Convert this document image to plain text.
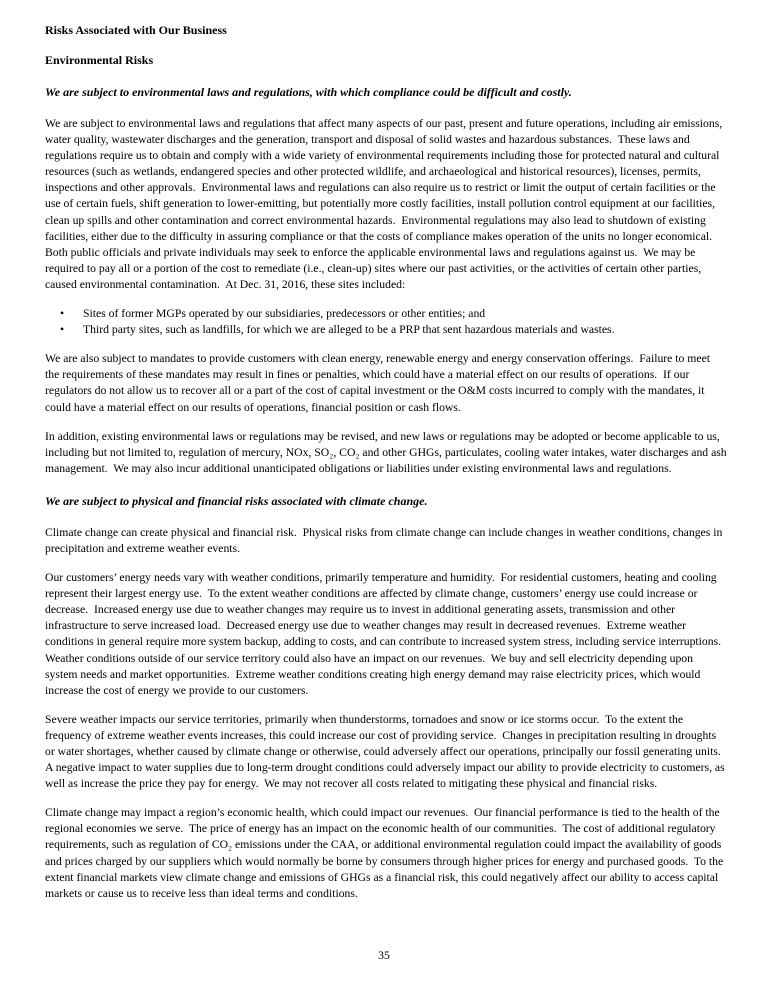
Risks Associated with Our Business
Environmental Risks
We are subject to environmental laws and regulations, with which compliance could be difficult and costly.
We are subject to environmental laws and regulations that affect many aspects of our past, present and future operations, including air emissions, water quality, wastewater discharges and the generation, transport and disposal of solid wastes and hazardous substances.  These laws and regulations require us to obtain and comply with a wide variety of environmental requirements including those for protected natural and cultural resources (such as wetlands, endangered species and other protected wildlife, and archaeological and historical resources), licenses, permits, inspections and other approvals.  Environmental laws and regulations can also require us to restrict or limit the output of certain facilities or the use of certain fuels, shift generation to lower-emitting, but potentially more costly facilities, install pollution control equipment at our facilities, clean up spills and other contamination and correct environmental hazards.  Environmental regulations may also lead to shutdown of existing facilities, either due to the difficulty in assuring compliance or that the costs of compliance makes operation of the units no longer economical.  Both public officials and private individuals may seek to enforce the applicable environmental laws and regulations against us.  We may be required to pay all or a portion of the cost to remediate (i.e., clean-up) sites where our past activities, or the activities of certain other parties, caused environmental contamination.  At Dec. 31, 2016, these sites included:
•	Sites of former MGPs operated by our subsidiaries, predecessors or other entities; and
•	Third party sites, such as landfills, for which we are alleged to be a PRP that sent hazardous materials and wastes.
We are also subject to mandates to provide customers with clean energy, renewable energy and energy conservation offerings.  Failure to meet the requirements of these mandates may result in fines or penalties, which could have a material effect on our results of operations.  If our regulators do not allow us to recover all or a part of the cost of capital investment or the O&M costs incurred to comply with the mandates, it could have a material effect on our results of operations, financial position or cash flows.
In addition, existing environmental laws or regulations may be revised, and new laws or regulations may be adopted or become applicable to us, including but not limited to, regulation of mercury, NOx, SO₂, CO₂ and other GHGs, particulates, cooling water intakes, water discharges and ash management.  We may also incur additional unanticipated obligations or liabilities under existing environmental laws and regulations.
We are subject to physical and financial risks associated with climate change.
Climate change can create physical and financial risk.  Physical risks from climate change can include changes in weather conditions, changes in precipitation and extreme weather events.
Our customers’ energy needs vary with weather conditions, primarily temperature and humidity.  For residential customers, heating and cooling represent their largest energy use.  To the extent weather conditions are affected by climate change, customers’ energy use could increase or decrease.  Increased energy use due to weather changes may require us to invest in additional generating assets, transmission and other infrastructure to serve increased load.  Decreased energy use due to weather changes may result in decreased revenues.  Extreme weather conditions in general require more system backup, adding to costs, and can contribute to increased system stress, including service interruptions.  Weather conditions outside of our service territory could also have an impact on our revenues.  We buy and sell electricity depending upon system needs and market opportunities.  Extreme weather conditions creating high energy demand may raise electricity prices, which would increase the cost of energy we provide to our customers.
Severe weather impacts our service territories, primarily when thunderstorms, tornadoes and snow or ice storms occur.  To the extent the frequency of extreme weather events increases, this could increase our cost of providing service.  Changes in precipitation resulting in droughts or water shortages, whether caused by climate change or otherwise, could adversely affect our operations, principally our fossil generating units.  A negative impact to water supplies due to long-term drought conditions could adversely impact our ability to provide electricity to customers, as well as increase the price they pay for energy.  We may not recover all costs related to mitigating these physical and financial risks.
Climate change may impact a region’s economic health, which could impact our revenues.  Our financial performance is tied to the health of the regional economies we serve.  The price of energy has an impact on the economic health of our communities.  The cost of additional regulatory requirements, such as regulation of CO₂ emissions under the CAA, or additional environmental regulation could impact the availability of goods and prices charged by our suppliers which would normally be borne by consumers through higher prices for energy and purchased goods.  To the extent financial markets view climate change and emissions of GHGs as a financial risk, this could negatively affect our ability to access capital markets or cause us to receive less than ideal terms and conditions.
35
